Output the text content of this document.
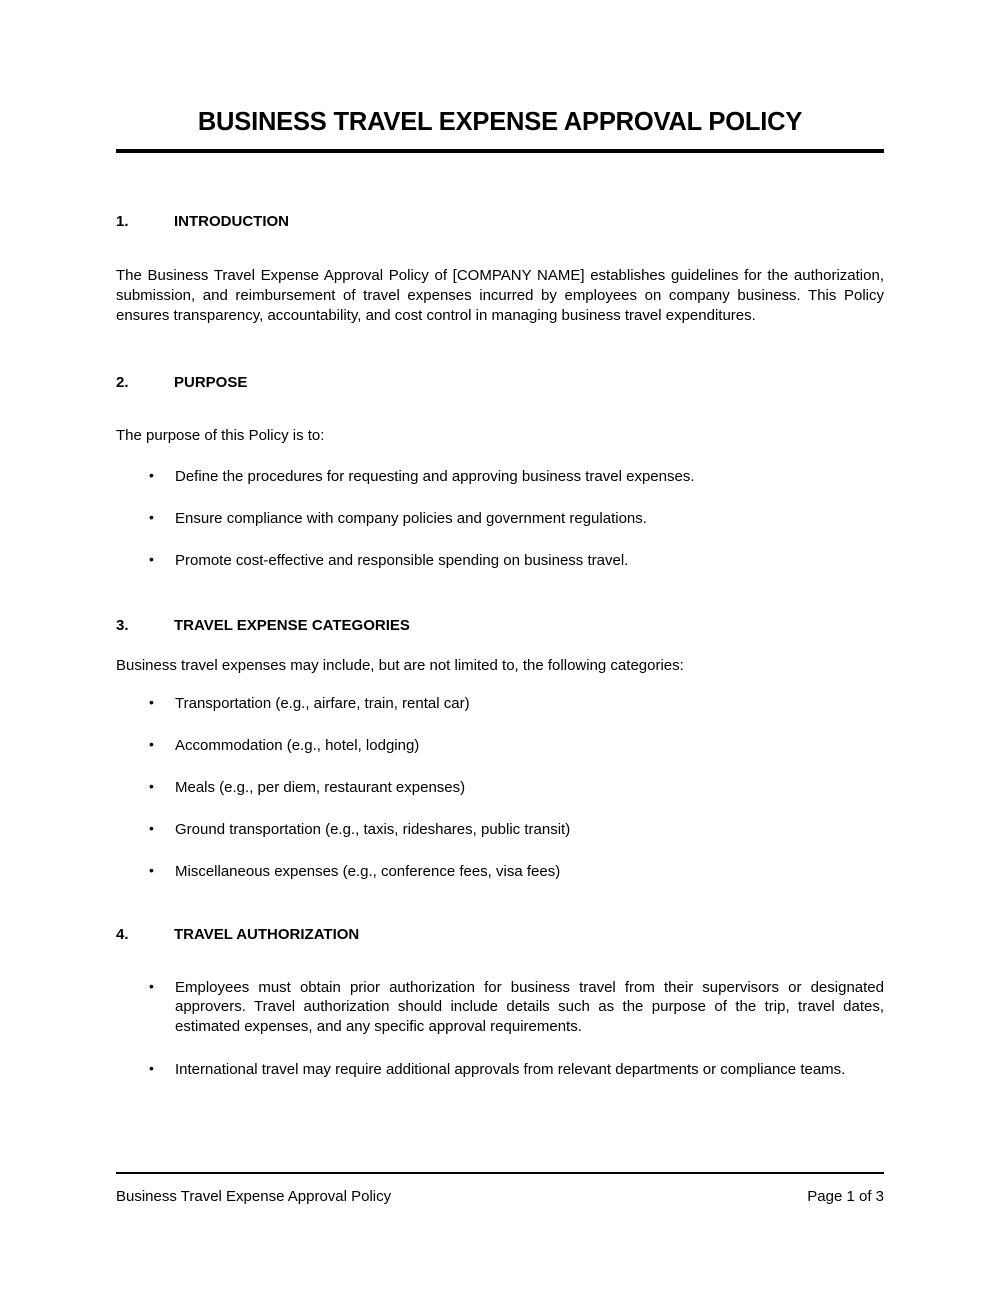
BUSINESS TRAVEL EXPENSE APPROVAL POLICY
1.	INTRODUCTION

The Business Travel Expense Approval Policy of [COMPANY NAME] establishes guidelines for the authorization, submission, and reimbursement of travel expenses incurred by employees on company business. This Policy ensures transparency, accountability, and cost control in managing business travel expenditures.

2.	PURPOSE

The purpose of this Policy is to:

• Define the procedures for requesting and approving business travel expenses.
• Ensure compliance with company policies and government regulations.
• Promote cost-effective and responsible spending on business travel.
3.	TRAVEL EXPENSE CATEGORIES

Business travel expenses may include, but are not limited to, the following categories:

• Transportation (e.g., airfare, train, rental car)
• Accommodation (e.g., hotel, lodging)
• Meals (e.g., per diem, restaurant expenses)
• Ground transportation (e.g., taxis, rideshares, public transit)
• Miscellaneous expenses (e.g., conference fees, visa fees)
4.	TRAVEL AUTHORIZATION
• Employees must obtain prior authorization for business travel from their supervisors or designated approvers. Travel authorization should include details such as the purpose of the trip, travel dates, estimated expenses, and any specific approval requirements.
• International travel may require additional approvals from relevant departments or compliance teams.
Business Travel Expense Approval Policy	Page 1 of 3
